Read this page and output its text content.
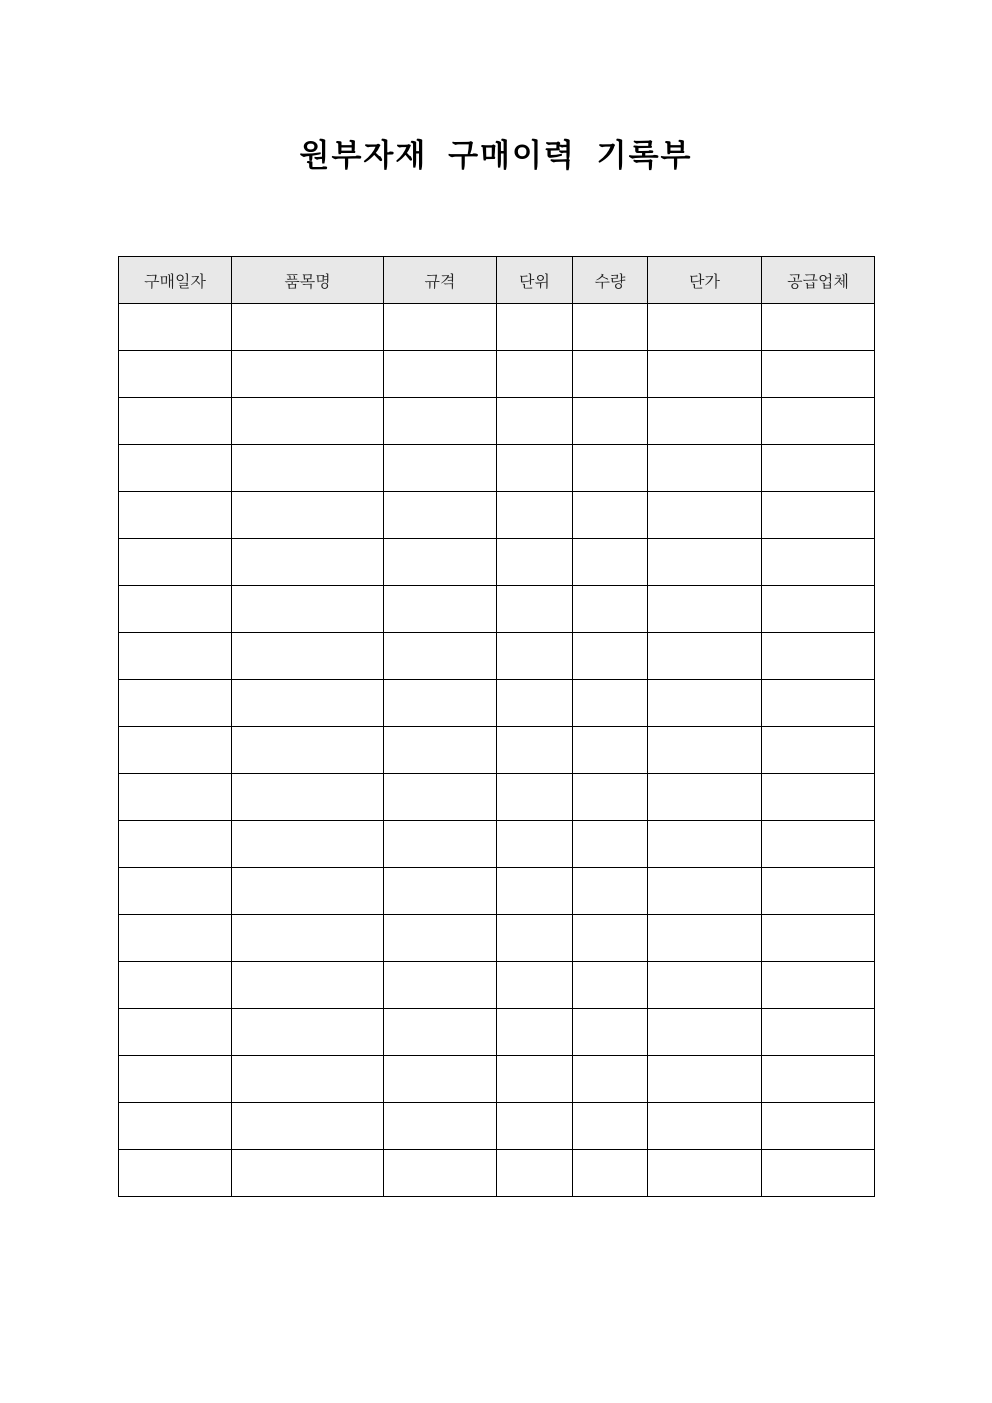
원부자재 구매이력 기록부
구매일자	품목명	규격	단위	수량	단가	공급업체
